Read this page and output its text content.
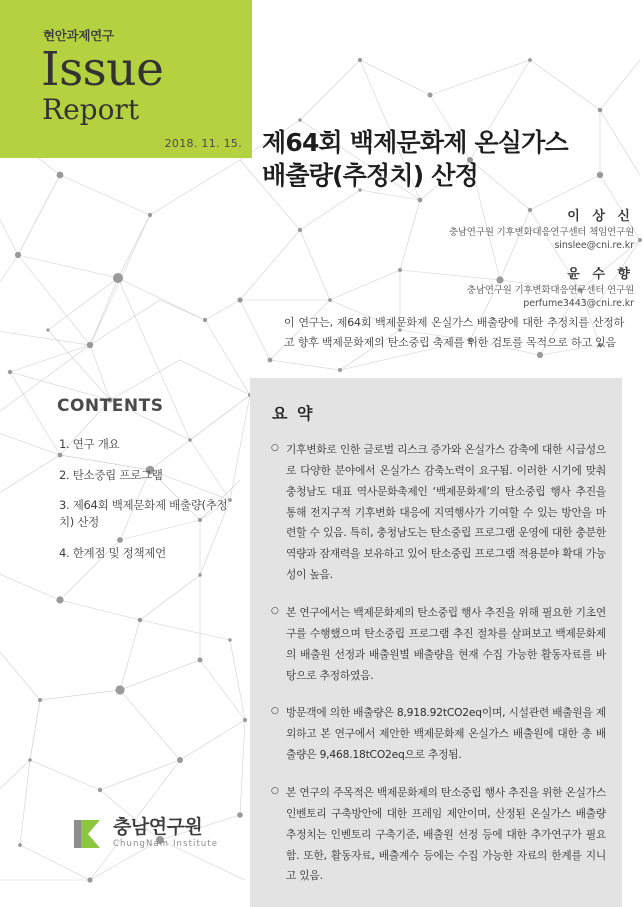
현안과제연구
Issue
Report
2018. 11. 15. 제64회 백제문화제 온실가스
배출량(추정치) 산정
이 상 신
충남연구원 기후변화대응연구센터 책임연구원
sinslee@cni.re.kr
윤 수 향
충남연구원 기후변화대응연구센터 연구원
perfume3443@cni.re.kr
이 연구는, 제64회 백제문화제 온실가스 배출량에 대한 추정치를 산정하고 향후 백제문화제의 탄소중립 축제를 위한 검토를 목적으로 하고 있음
CONTENTS
1. 연구 개요
2. 탄소중립 프로그램
3. 제64회 백제문화제 배출량(추정치) 산정
4. 한계점 및 정책제언
요 약
○ 기후변화로 인한 글로벌 리스크 증가와 온실가스 감축에 대한 시급성으로 다양한 분야에서 온실가스 감축노력이 요구됨. 이러한 시기에 맞춰 충청남도 대표 역사문화축제인 ‘백제문화제’의 탄소중립 행사 추진을 통해 전지구적 기후변화 대응에 지역행사가 기여할 수 있는 방안을 마련할 수 있음. 특히, 충청남도는 탄소중립 프로그램 운영에 대한 충분한 역량과 잠재력을 보유하고 있어 탄소중립 프로그램 적용분야 확대 가능성이 높음.
○ 본 연구에서는 백제문화제의 탄소중립 행사 추진을 위해 필요한 기초연구를 수행했으며 탄소중립 프로그램 추진 절차를 살펴보고 백제문화제의 배출원 선정과 배출원별 배출량을 현재 수집 가능한 활동자료를 바탕으로 추정하였음.
○ 방문객에 의한 배출량은 8,918.92tCO2eq이며, 시설관련 배출원을 제외하고 본 연구에서 제안한 백제문화제 온실가스 배출원에 대한 총 배출량은 9,468.18tCO2eq으로 추정됨.
○ 본 연구의 주목적은 백제문화제의 탄소중립 행사 추진을 위한 온실가스 인벤토리 구축방안에 대한 프레임 제안이며, 산정된 온실가스 배출량 추정치는 인벤토리 구축기준, 배출원 선정 등에 대한 추가연구가 필요함. 또한, 활동자료, 배출계수 등에는 수집 가능한 자료의 한계를 지니고 있음.
충남연구원
ChungNam Institute
